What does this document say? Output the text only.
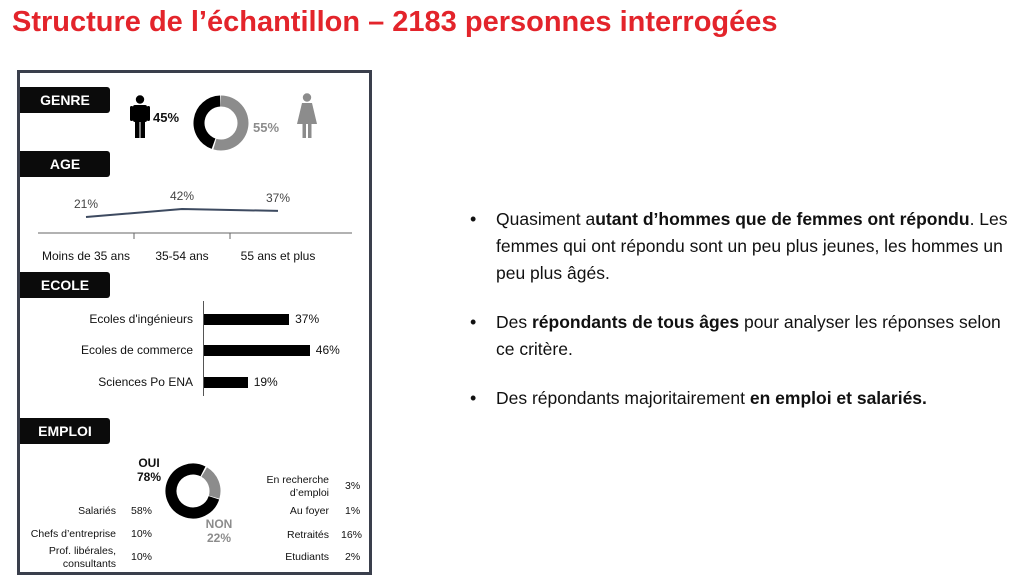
Structure de l’échantillon – 2183 personnes interrogées
GENRE
45%
55%
AGE
21%
Moins de 35 ans
42%
35-54 ans
37%
55 ans et plus
ECOLE
Ecoles d'ingénieurs	37%
Ecoles de commerce	46%
Sciences Po ENA	19%
EMPLOI
OUI
78%
NON
22%
Salariés 58%
Chefs d’entreprise 10%
Prof. libérales,
consultants
10%
En recherche
d’emploi
3%
Au foyer 1%
Retraités 16%
Etudiants 2%
• Quasiment autant d’hommes que de femmes ont répondu. Les femmes qui ont répondu sont un peu plus jeunes, les hommes un peu plus âgés.
• Des répondants de tous âges pour analyser les réponses selon ce critère.
• Des répondants majoritairement en emploi et salariés.
